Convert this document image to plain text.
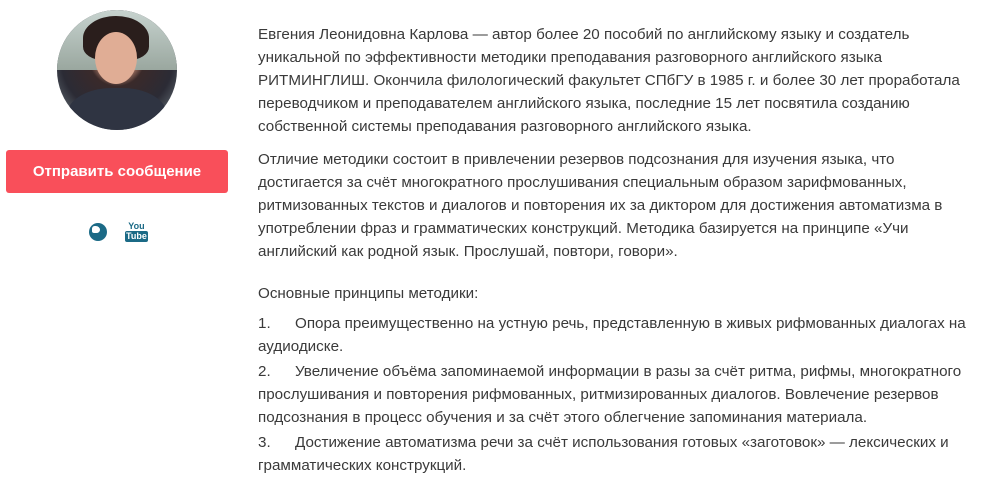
Отправить сообщение
You
Tube

Евгения Леонидовна Карлова — автор более 20 пособий по английскому языку и создатель уникальной по эффективности методики преподавания разговорного английского языка РИТМИНГЛИШ. Окончила филологический факультет СПбГУ в 1985 г. и более 30 лет проработала переводчиком и преподавателем английского языка, последние 15 лет посвятила созданию собственной системы преподавания разговорного английского языка.

Отличие методики состоит в привлечении резервов подсознания для изучения языка, что достигается за счёт многократного прослушивания специальным образом зарифмованных, ритмизованных текстов и диалогов и повторения их за диктором для достижения автоматизма в употреблении фраз и грамматических конструкций. Методика базируется на принципе «Учи английский как родной язык. Прослушай, повтори, говори».

Основные принципы методики:

1. Опора преимущественно на устную речь, представленную в живых рифмованных диалогах на аудиодиске.

2. Увеличение объёма запоминаемой информации в разы за счёт ритма, рифмы, многократного прослушивания и повторения рифмованных, ритмизированных диалогов. Вовлечение резервов подсознания в процесс обучения и за счёт этого облегчение запоминания материала.

3. Достижение автоматизма речи за счёт использования готовых «заготовок» — лексических и грамматических конструкций.
